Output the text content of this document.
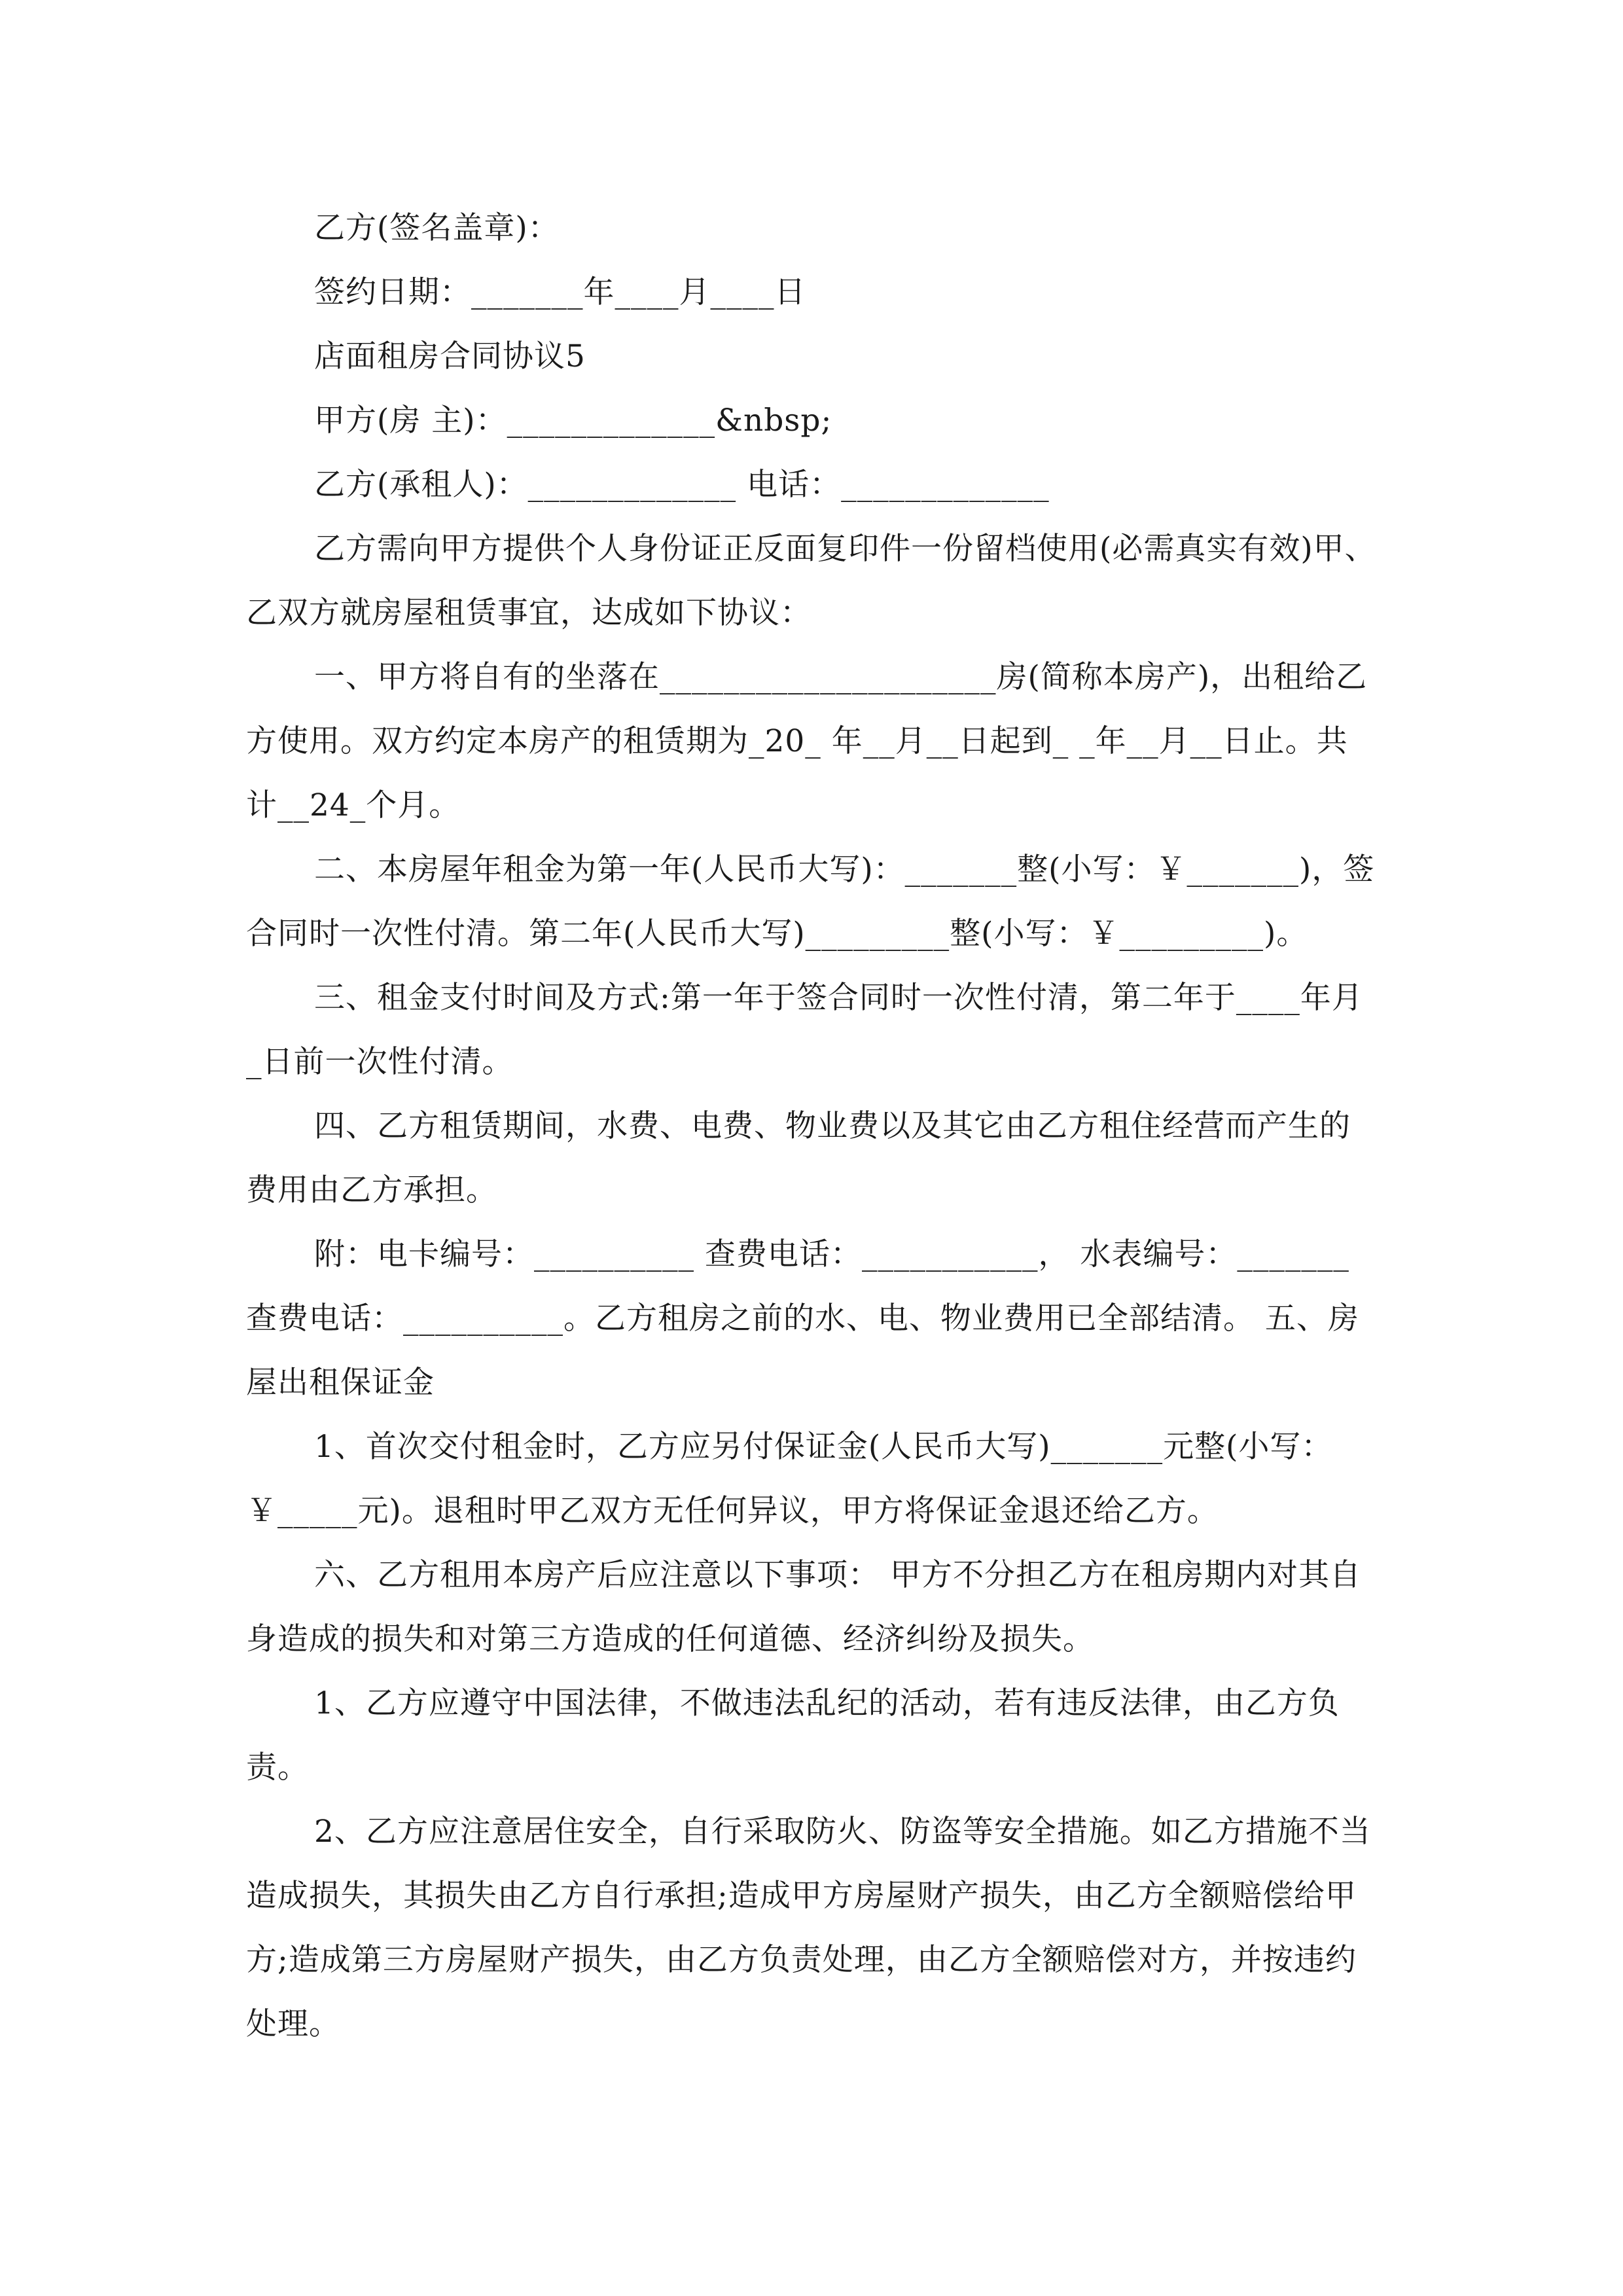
乙方(签名盖章)：

签约日期：_______年____月____日

店面租房合同协议5

甲方(房 主)：_____________&nbsp;

乙方(承租人)：_____________ 电话：_____________

乙方需向甲方提供个人身份证正反面复印件一份留档使用(必需真实有效)甲、乙双方就房屋租赁事宜，达成如下协议：

一、甲方将自有的坐落在_____________________房(简称本房产)，出租给乙方使用。双方约定本房产的租赁期为_20_ 年__月__日起到_ _年__月__日止。共计__24_个月。

二、本房屋年租金为第一年(人民币大写)：_______整(小写：￥_______)，签合同时一次性付清。第二年(人民币大写)_________整(小写：￥_________)。

三、租金支付时间及方式:第一年于签合同时一次性付清，第二年于____年月 _日前一次性付清。

四、乙方租赁期间，水费、电费、物业费以及其它由乙方租住经营而产生的费用由乙方承担。

附：电卡编号：__________ 查费电话：___________， 水表编号：_______查费电话：__________。乙方租房之前的水、电、物业费用已全部结清。 五、房屋出租保证金

1、首次交付租金时，乙方应另付保证金(人民币大写)_______元整(小写：￥_____元)。退租时甲乙双方无任何异议，甲方将保证金退还给乙方。

六、乙方租用本房产后应注意以下事项： 甲方不分担乙方在租房期内对其自身造成的损失和对第三方造成的任何道德、经济纠纷及损失。

1、乙方应遵守中国法律，不做违法乱纪的活动，若有违反法律，由乙方负责。

2、乙方应注意居住安全，自行采取防火、防盗等安全措施。如乙方措施不当造成损失，其损失由乙方自行承担;造成甲方房屋财产损失，由乙方全额赔偿给甲方;造成第三方房屋财产损失，由乙方负责处理，由乙方全额赔偿对方，并按违约处理。
